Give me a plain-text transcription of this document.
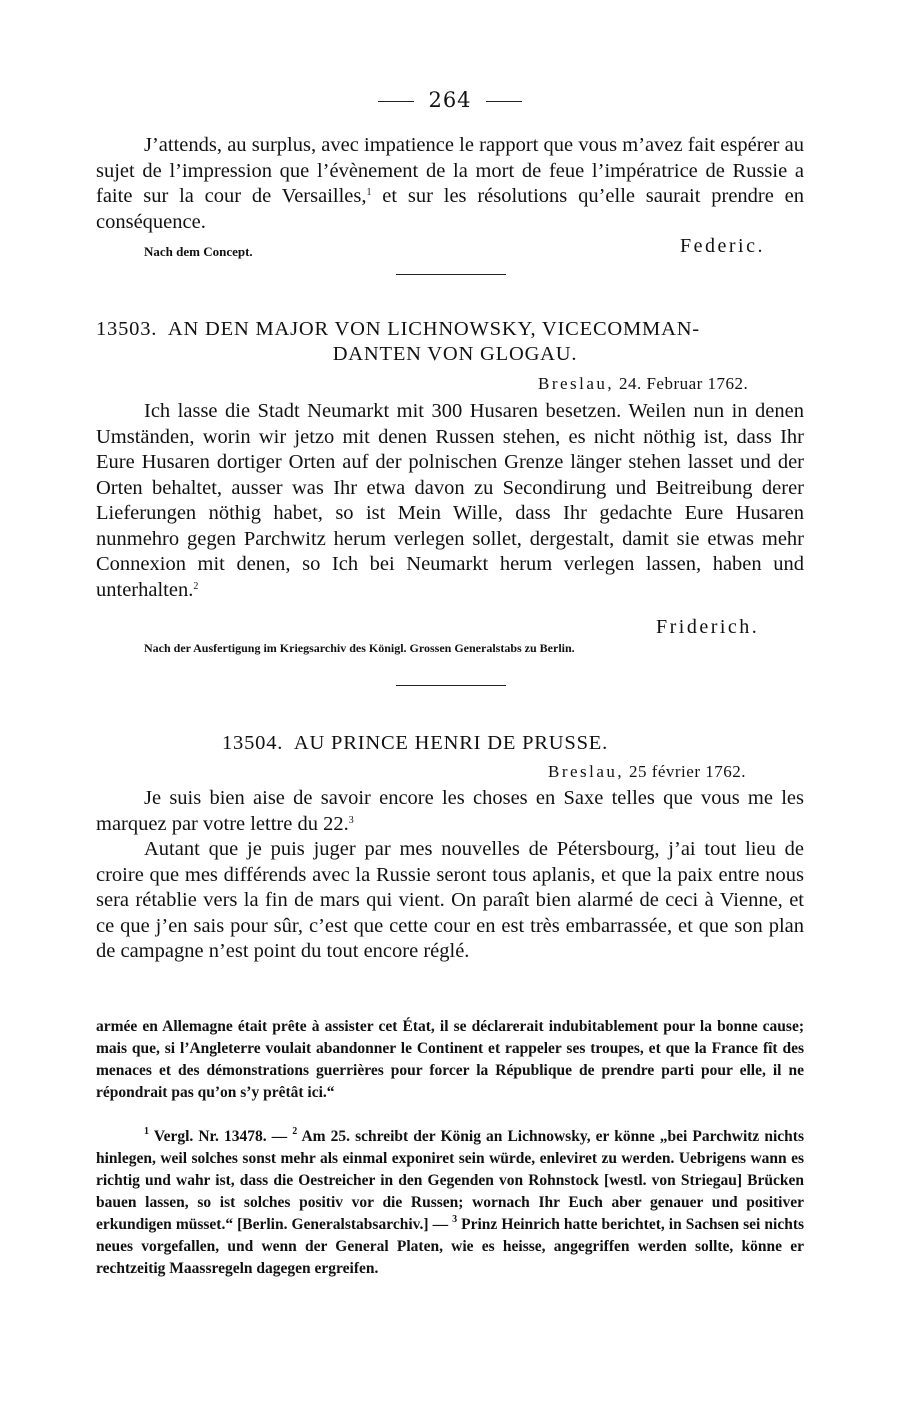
264

J’attends, au surplus, avec impatience le rapport que vous m’avez fait espérer au sujet de l’impression que l’évènement de la mort de feue l’impératrice de Russie a faite sur la cour de Versailles,$^1$ et sur les résolutions qu’elle saurait prendre en conséquence.

Nach dem Concept.	Federic.
13503. AN DEN MAJOR VON LICHNOWSKY, VICECOMMAN-
DANTEN VON GLOGAU.
Breslau, 24. Februar 1762.

Ich lasse die Stadt Neumarkt mit 300 Husaren besetzen. Weilen nun in denen Umständen, worin wir jetzo mit denen Russen stehen, es nicht nöthig ist, dass Ihr Eure Husaren dortiger Orten auf der polnischen Grenze länger stehen lasset und der Orten behaltet, ausser was Ihr etwa davon zu Secondirung und Beitreibung derer Lieferungen nöthig habet, so ist Mein Wille, dass Ihr gedachte Eure Husaren nunmehro gegen Parchwitz herum verlegen sollet, dergestalt, damit sie etwas mehr Connexion mit denen, so Ich bei Neumarkt herum verlegen lassen, haben und unterhalten.$^2$

Friderich.
Nach der Ausfertigung im Kriegsarchiv des Königl. Grossen Generalstabs zu Berlin.
13504. AU PRINCE HENRI DE PRUSSE.
Breslau, 25 février 1762.

Je suis bien aise de savoir encore les choses en Saxe telles que vous me les marquez par votre lettre du 22.$^3$

Autant que je puis juger par mes nouvelles de Pétersbourg, j’ai tout lieu de croire que mes différends avec la Russie seront tous aplanis, et que la paix entre nous sera rétablie vers la fin de mars qui vient. On paraît bien alarmé de ceci à Vienne, et ce que j’en sais pour sûr, c’est que cette cour en est très embarrassée, et que son plan de campagne n’est point du tout encore réglé.

armée en Allemagne était prête à assister cet État, il se déclarerait indubitablement pour la bonne cause; mais que, si l’Angleterre voulait abandonner le Continent et rappeler ses troupes, et que la France fît des menaces et des démonstrations guerrières pour forcer la République de prendre parti pour elle, il ne répondrait pas qu’on s’y prêtât ici.“

$^1$ Vergl. Nr. 13478. — $^2$ Am 25. schreibt der König an Lichnowsky, er könne „bei Parchwitz nichts hinlegen, weil solches sonst mehr als einmal exponiret sein würde, enleviret zu werden. Uebrigens wann es richtig und wahr ist, dass die Oestreicher in den Gegenden von Rohnstock [westl. von Striegau] Brücken bauen lassen, so ist solches positiv vor die Russen; wornach Ihr Euch aber genauer und positiver erkundigen müsset.“ [Berlin. Generalstabsarchiv.] — $^3$ Prinz Heinrich hatte berichtet, in Sachsen sei nichts neues vorgefallen, und wenn der General Platen, wie es heisse, angegriffen werden sollte, könne er rechtzeitig Maassregeln dagegen ergreifen.
